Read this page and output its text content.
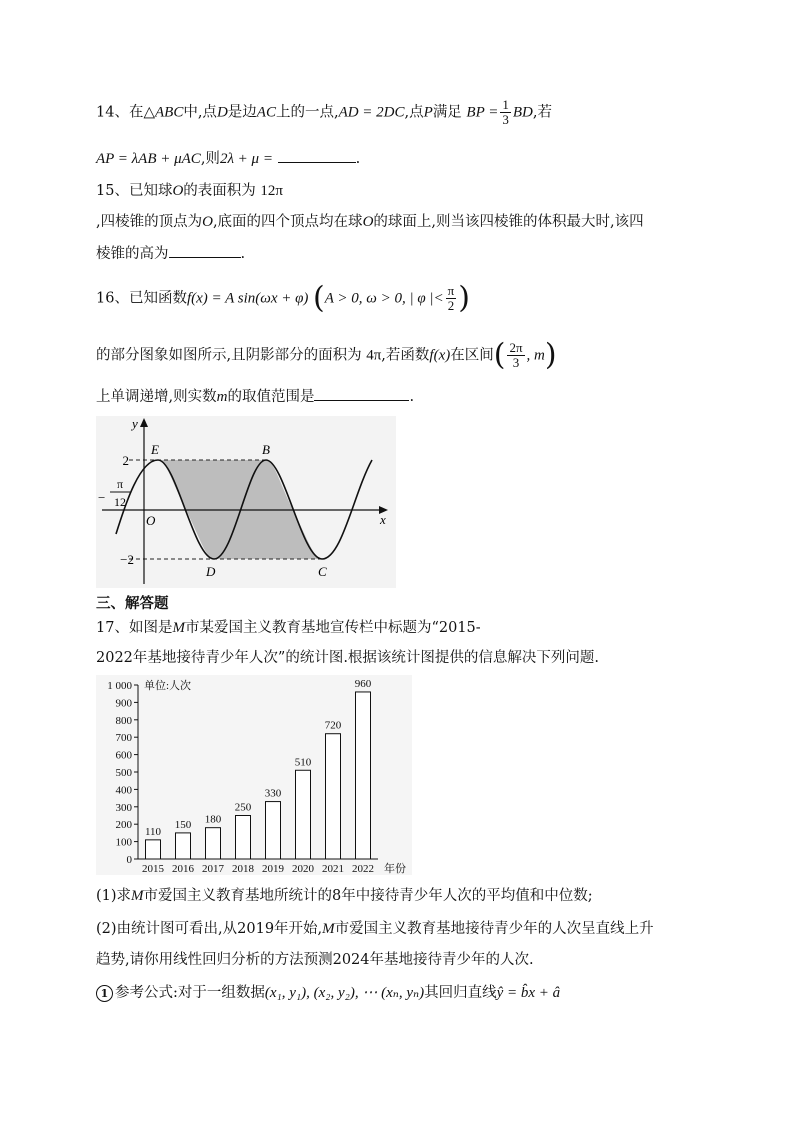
14、在△ABC中,点D是边AC上的一点,AD = 2DC,点P满足 BP = $\frac{1}{3}$ BD,若
AP = λAB + μAC,则2λ + μ =	.
15、已知球O的表面积为 12π
,四棱锥的顶点为O,底面的四个顶点均在球O的球面上,则当该四棱锥的体积最大时,该四
棱锥的高为	.
16、已知函数f(x) = A sin(ωx + φ) (A > 0, ω > 0, | φ |< $\frac{\pi}{2}$ )
的部分图象如图所示,且阴影部分的面积为 4π,若函数f(x)在区间( $\frac{2\pi}{3}$ , m)
上单调递增,则实数m的取值范围是	.
y
x
O
2
−2
−
π
12
E	B
D	C
三、解答题
17、如图是M市某爱国主义教育基地宣传栏中标题为“2015-
2022年基地接待青少年人次”的统计图.根据该统计图提供的信息解决下列问题.
0
100
200
300
400
500
600
700
800
900
1 000 单位:人次
110
2015
150
2016
180
2017
250
2018
330
2019
510
2020
720
2021
960
2022 年份
(1)求M市爱国主义教育基地所统计的8年中接待青少年人次的平均值和中位数;
(2)由统计图可看出,从2019年开始,M市爱国主义教育基地接待青少年的人次呈直线上升
趋势,请你用线性回归分析的方法预测2024年基地接待青少年的人次.
1 参考公式:对于一组数据(x₁, y₁), (x₂, y₂), ⋯ (xₙ, yₙ)其回归直线ŷ = b̂x + â
